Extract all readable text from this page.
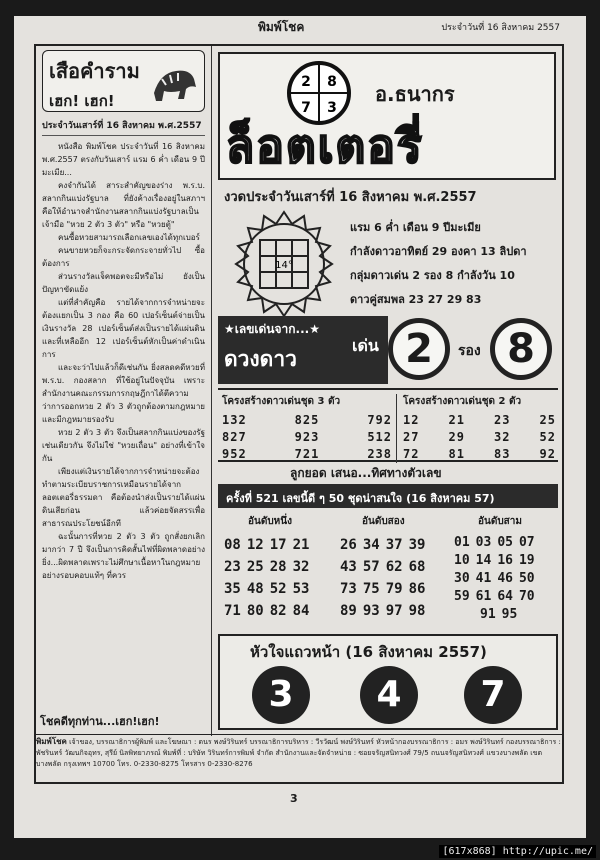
พิมพ์โชค	ประจำวันที่ 16 สิงหาคม 2557
เสือคำราม
เฮก! เฮก!
ประจำวันเสาร์ที่ 16 สิงหาคม พ.ศ.2557

หนังสือ พิมพ์โชค ประจำวันที่ 16 สิงหาคม พ.ศ.2557 ตรงกับวันเสาร์ แรม 6 ค่ำ เดือน 9 ปีมะเมีย...

คงจำกันได้ สาระสำคัญของร่าง พ.ร.บ. สลากกินแบ่งรัฐบาล ที่ยังค้างเรื่องอยู่ในสภาฯ คือให้อำนาจสำนักงานสลากกินแบ่งรัฐบาลเป็นเจ้ามือ "หวย 2 ตัว 3 ตัว" หรือ "หวยตู้"

คนซื้อหวยสามารถเลือกเลขเองได้ทุกเบอร์

คนขายหวยก็จะกระจัดกระจายทั่วไป ซื้อต้องการ

ส่วนรางวัลแจ็คพอตจะมีหรือไม่ ยังเป็นปัญหาขัดแย้ง

แต่ที่สำคัญคือ รายได้จากการจำหน่ายจะต้องแยกเป็น 3 กอง คือ 60 เปอร์เซ็นต์จ่ายเป็นเงินรางวัล 28 เปอร์เซ็นต์ส่งเป็นรายได้แผ่นดิน และที่เหลืออีก 12 เปอร์เซ็นต์หักเป็นค่าดำเนินการ

และจะว่าไปแล้วก็ดีเช่นกัน ยิ่งสลดคดีหวยที่ พ.ร.บ. กองสลาก ที่ใช้อยู่ในปัจจุบัน เพราะสำนักงานคณะกรรมการกฤษฎีกาได้ตีความว่าการออกหวย 2 ตัว 3 ตัวถูกต้องตามกฎหมายและมีกฎหมายรองรับ

หวย 2 ตัว 3 ตัว จึงเป็นสลากกินแบ่งของรัฐเช่นเดียวกัน จึงไม่ใช่ "หวยเถื่อน" อย่างที่เข้าใจกัน

เพียงแต่เงินรายได้จากการจำหน่ายจะต้องทำตามระเบียบราชการเหมือนรายได้จากลอตเตอรี่ธรรมดา คือต้องนำส่งเป็นรายได้แผ่นดินเสียก่อน แล้วค่อยจัดสรรเพื่อสาธารณประโยชน์อีกที

ฉะนั้นการที่หวย 2 ตัว 3 ตัว ถูกสั่งยกเลิกมากว่า 7 ปี จึงเป็นการคิดสั้นไฟที่ผิดพลาดอย่างยิ่ง...ผิดพลาดเพราะไม่ศึกษาเนื้อหาในกฎหมายอย่างรอบคอบแท้ๆ ที่ควร

โชคดีทุกท่าน...เฮก!เฮก!
2 8
7 3
อ.ธนากร
ล็อตเตอรี่
งวดประจำวันเสาร์ที่ 16 สิงหาคม พ.ศ.2557
14°
แรม 6 ค่ำ เดือน 9 ปีมะเมีย
กำลังดาวอาทิตย์ 29 องคา 13 ลิปดา
กลุ่มดาวเด่น 2 รอง 8 กำลังวัน 10
ดาวคู่สมพล 23 27 29 83
★เลขเด่นจาก...★
ดวงดาว
เด่น 2	รอง 8
โครงสร้างดาวเด่นชุด 3 ตัว
132	825	792
827	923	512
952	721	238
โครงสร้างดาวเด่นชุด 2 ตัว
12 21 23 25
27 29 32 52
72 81 83 92
ลูกยอด เสนอ...ทิศทางตัวเลข
ครั้งที่ 521 เลขนี้ดี ๆ 50 ชุดน่าสนใจ (16 สิงหาคม 57)
อันดับหนึ่ง	อันดับสอง	อันดับสาม
08 12 17 21
23 25 28 32
35 48 52 53
71 80 82 84
26 34 37 39
43 57 62 68
73 75 79 86
89 93 97 98
01 03 05 07
10 14 16 19
30 41 46 50
59 61 64 70
91 95
หัวใจแถวหน้า (16 สิงหาคม 2557)
3	4	7
พิมพ์โชค เจ้าของ, บรรณาธิการผู้พิมพ์ และโฆษณา : ดนร พงษ์วิรินทร์ บรรณาธิการบริหาร : วีรวัฒน์ พงษ์วิรินทร์ หัวหน้ากองบรรณาธิการ : อมร พงษ์วิรินทร์ กองบรรณาธิการ : พัชรินทร์ วัฒนกิจอุทร, สุรีย์ นิลพิทยาภรณ์ พิมพ์ที่ : บริษัท วิรินทร์การพิมพ์ จำกัด สำนักงานและจัดจำหน่าย : ซอยจรัญสนิทวงศ์ 79/5 ถนนจรัญสนิทวงศ์ แขวงบางพลัด เขตบางพลัด กรุงเทพฯ 10700 โทร. 0-2330-8275 โทรสาร 0-2330-8276
3
[617x868] http://upic.me/
